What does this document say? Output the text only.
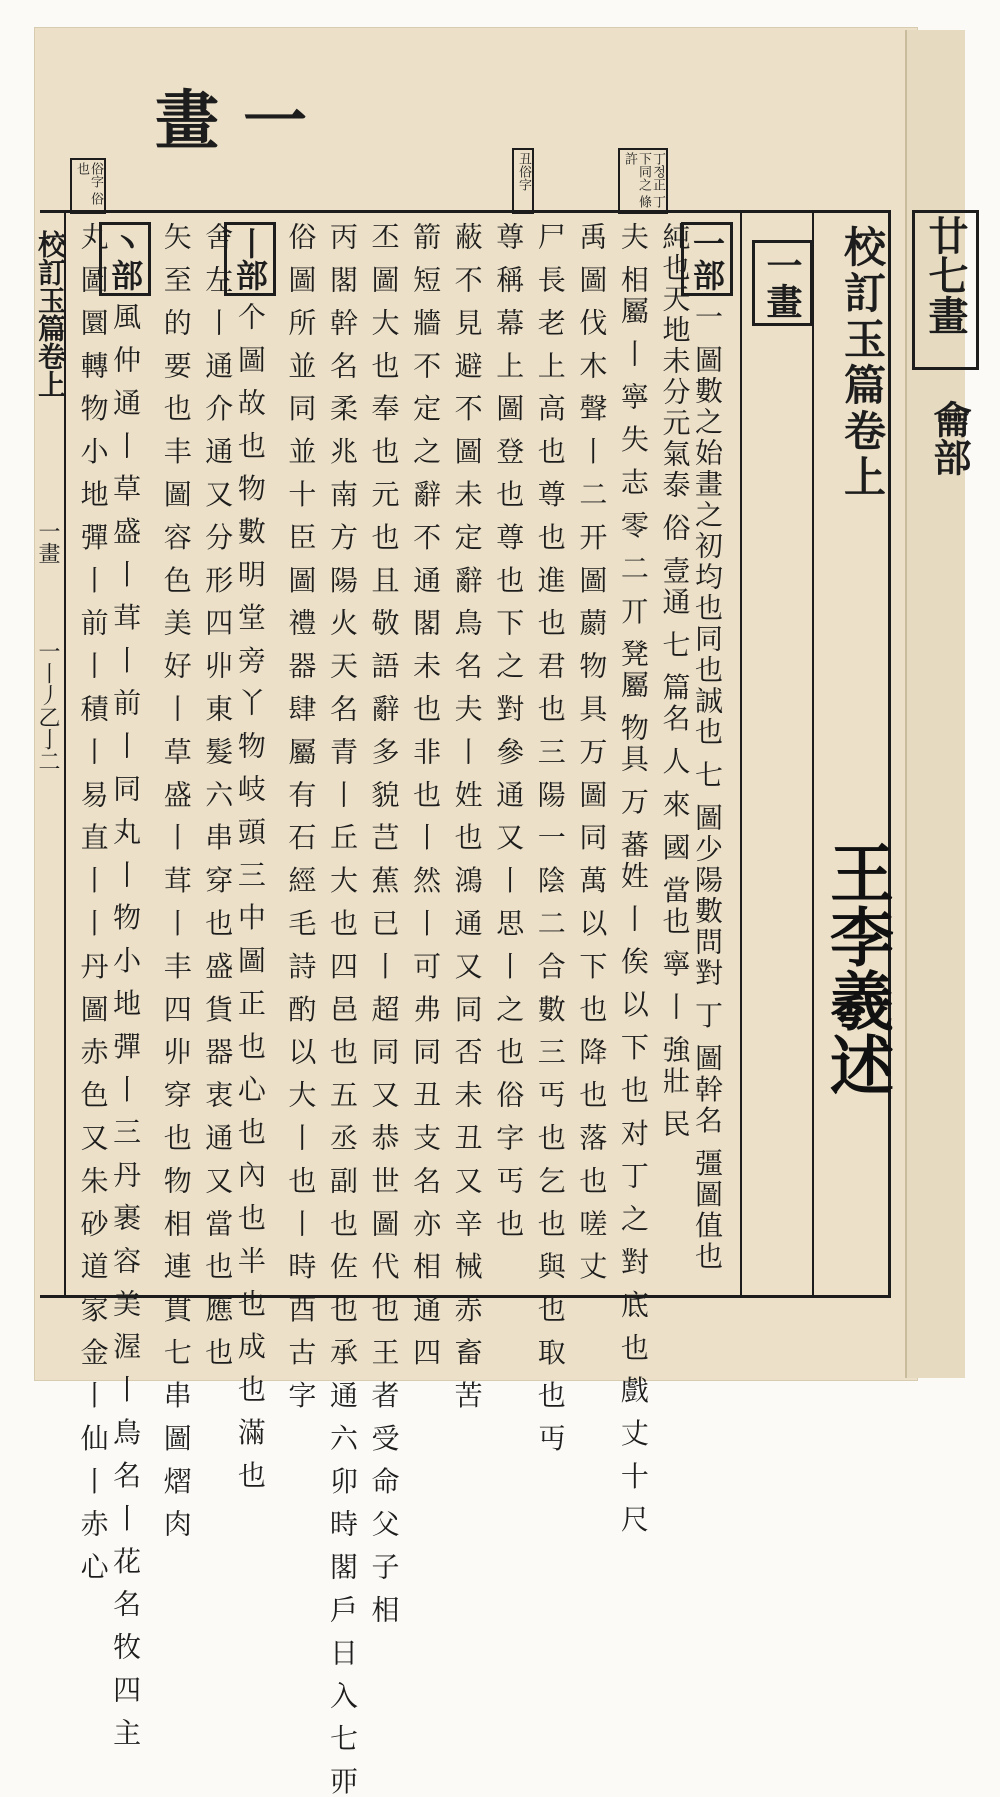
畫 一
丁정正 丁下同之 條許
丑俗字
俗字 俗也
校訂玉篇卷上
一畫
王李羲述
廿七畫
龠部
校訂玉篇卷上
一畫
一丨丿乙亅二
一部一 圖數之始畫之初均也同也誠也 七 圖少陽數問對 丁 圖幹名 彊圖值也
純也天地未分元氣泰 俗 壹通 七 篇名 人 來 國 當也 寧 丨 強壯 民
夫 相屬 丨 寧 失 志 零 二 丌 凳屬 物具 万 蕃姓 丨 俟 以 下 也 对 丁 之 對 底 也 戲 丈 十 尺
禹 圖 伐 木 聲 丨 二 开 圖 蘮 物 具 万 圖 同 萬 以 下 也 降 也 落 也 嗟 丈
尸 長 老 上 高 也 尊 也 進 也 君 也 三 陽 一 陰 二 合 數 三 丐 也 乞 也 與 也 取 也 丏
尊 稱 幕 上 圖 登 也 尊 也 下 之 對 參 通 又 丨 思 丨 之 也 俗 字 丐 也
蔽 不 見 避 不 圖 未 定 辭 鳥 名 夫 丨 姓 也 鴻 通 又 同 否 未 丑 又 辛 械 赤 畜 苦
箭 短 牆 不 定 之 辭 不 通 閣 未 也 非 也 丨 然 丨 可 弗 同 丑 支 名 亦 相 通 四
丕 圖 大 也 奉 也 元 也 且 敬 語 辭 多 貌 芑 蕉 已 丨 超 同 又 恭 世 圖 代 也 王 者 受 命 父 子 相
丙 閣 幹 名 柔 兆 南 方 陽 火 天 名 青 丨 丘 大 也 四 邑 也 五 丞 副 也 佐 也 承 通 六 卯 時 閣 戶 日 入 七 丣
俗 圖 所 並 同 並 十 臣 圖 禮 器 肆 屬 有 石 經 毛 詩 酌 以 大 丨 也 丨 時 酉 古 字
丨部个 圖 故 也 物 數 明 堂 旁 丫 物 岐 頭 三 中 圖 正 也 心 也 內 也 半 也 成 也 滿 也
舍 左 丨 通 介 通 又 分 形 四 丱 東 髮 六 串 穿 也 盛 貨 器 衷 通 又 當 也 應 也
矢 至 的 要 也 丰 圖 容 色 美 好 丨 草 盛 丨 茸 丨 丰 四 丱 穿 也 物 相 連 貫 七 串 圖 熠 肉
丶部風 仲 通 丨 草 盛 丨 茸 丨 前 丨 同 丸 丨 物 小 地 彈 丨 三 丹 裹 容 美 渥 丨 鳥 名 丨 花 名 牧 四 主
丸 圖 圜 轉 物 小 地 彈 丨 前 丨 積 丨 易 直 丨 丨 丹 圖 赤 色 又 朱 砂 道 家 金 丨 仙 丨 赤 心
